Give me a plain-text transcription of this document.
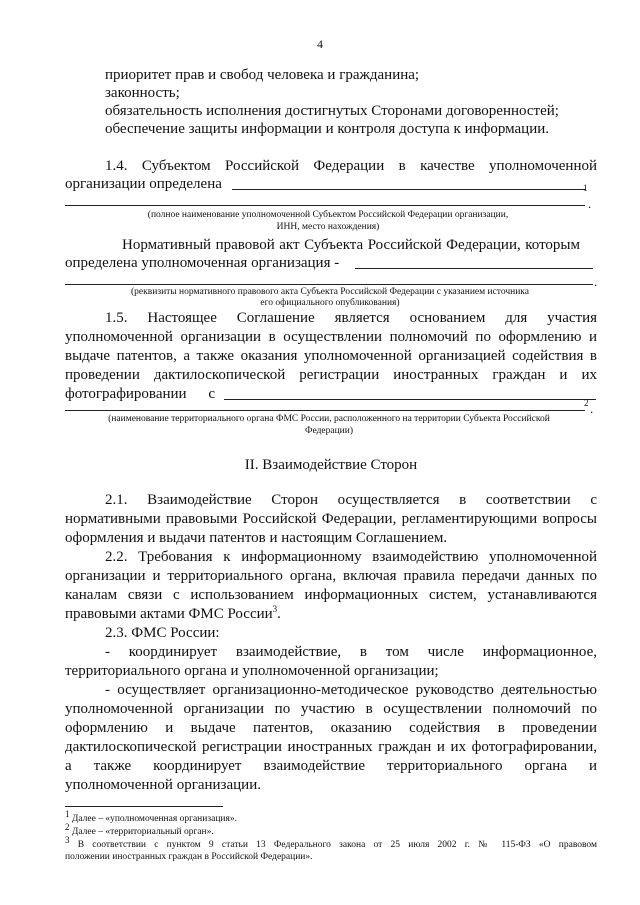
4
приоритет прав и свобод человека и гражданина;
законность;
обязательность исполнения достигнутых Сторонами договоренностей;
обеспечение защиты информации и контроля доступа к информации.
1.4. Субъектом Российской Федерации в качестве уполномоченной
организации определена	1
.
(полное наименование уполномоченной Субъектом Российской Федерации организации,
ИНН, место нахождения)
Нормативный правовой акт Субъекта Российской Федерации, которым
определена уполномоченная организация -
.
(реквизиты нормативного правового акта Субъекта Российской Федерации с указанием источника
его официального опубликования)
1.5. Настоящее Соглашение является основанием для участия
уполномоченной организации в осуществлении полномочий по оформлению и
выдаче патентов, а также оказания уполномоченной организацией содействия в
проведении дактилоскопической регистрации иностранных граждан и их
фотографировании с
2 .
(наименование территориального органа ФМС России, расположенного на территории Субъекта Российской
Федерации)
II. Взаимодействие Сторон
2.1. Взаимодействие Сторон осуществляется в соответствии с
нормативными правовыми Российской Федерации, регламентирующими вопросы
оформления и выдачи патентов и настоящим Соглашением.
2.2. Требования к информационному взаимодействию уполномоченной
организации и территориального органа, включая правила передачи данных по
каналам связи с использованием информационных систем, устанавливаются
правовыми актами ФМС России$^3$.
2.3. ФМС России:
- координирует взаимодействие, в том числе информационное,
территориального органа и уполномоченной организации;
- осуществляет организационно-методическое руководство деятельностью
уполномоченной организации по участию в осуществлении полномочий по
оформлению и выдаче патентов, оказанию содействия в проведении
дактилоскопической регистрации иностранных граждан и их фотографировании,
а также координирует взаимодействие территориального органа и
уполномоченной организации.
$^1$ Далее – «уполномоченная организация».
$^2$ Далее – «территориальный орган».
$^3$ В соответствии с пунктом 9 статьи 13 Федерального закона от 25 июля 2002 г. № 115-ФЗ «О правовом
положении иностранных граждан в Российской Федерации».
